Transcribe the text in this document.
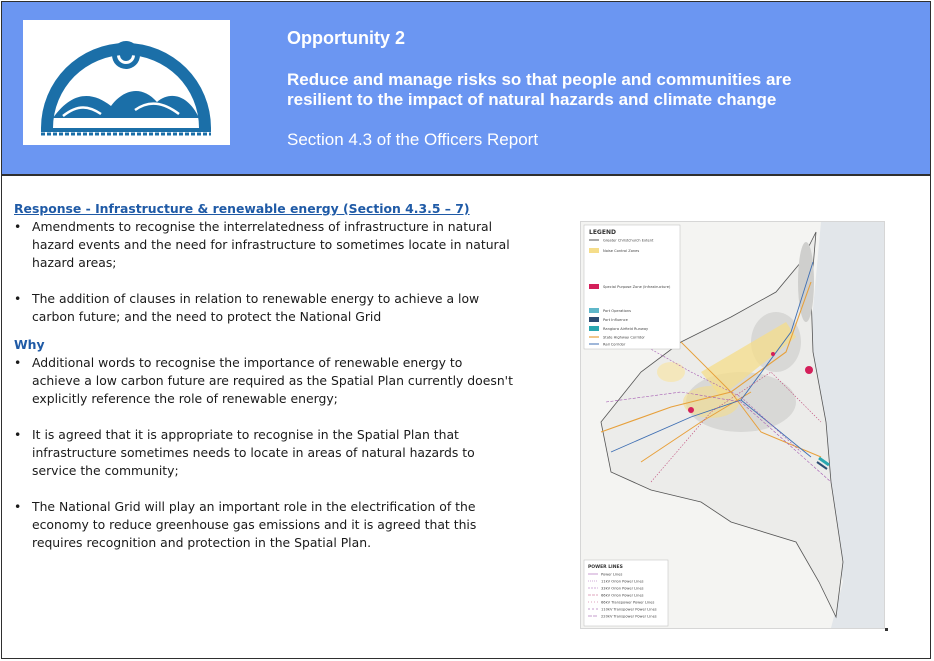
Opportunity 2
Reduce and manage risks so that people and communities are
resilient to the impact of natural hazards and climate change
Section 4.3 of the Officers Report

Response - Infrastructure & renewable energy (Section 4.3.5 – 7)

• Amendments to recognise the interrelatedness of infrastructure in natural
hazard events and the need for infrastructure to sometimes locate in natural
hazard areas;
• The addition of clauses in relation to renewable energy to achieve a low
carbon future; and the need to protect the National Grid

Why

• Additional words to recognise the importance of renewable energy to
achieve a low carbon future are required as the Spatial Plan currently doesn't
explicitly reference the role of renewable energy;
• It is agreed that it is appropriate to recognise in the Spatial Plan that
infrastructure sometimes needs to locate in areas of natural hazards to
service the community;
• The National Grid will play an important role in the electrification of the
economy to reduce greenhouse gas emissions and it is agreed that this
requires recognition and protection in the Spatial Plan.
LEGEND
Greater Christchurch Extent
Noise Control Zones
Special Purpose Zone (Infrastructure)
Port Operations
Port Influence
Rangiora Airfield Runway
State Highway Corridor
Rail Corridor
POWER LINES
Power Lines
11kV Orion Power Lines
33kV Orion Power Lines
66kV Orion Power Lines
66kV Transpower Power Lines
110kV Transpower Power Lines
220kV Transpower Power Lines
